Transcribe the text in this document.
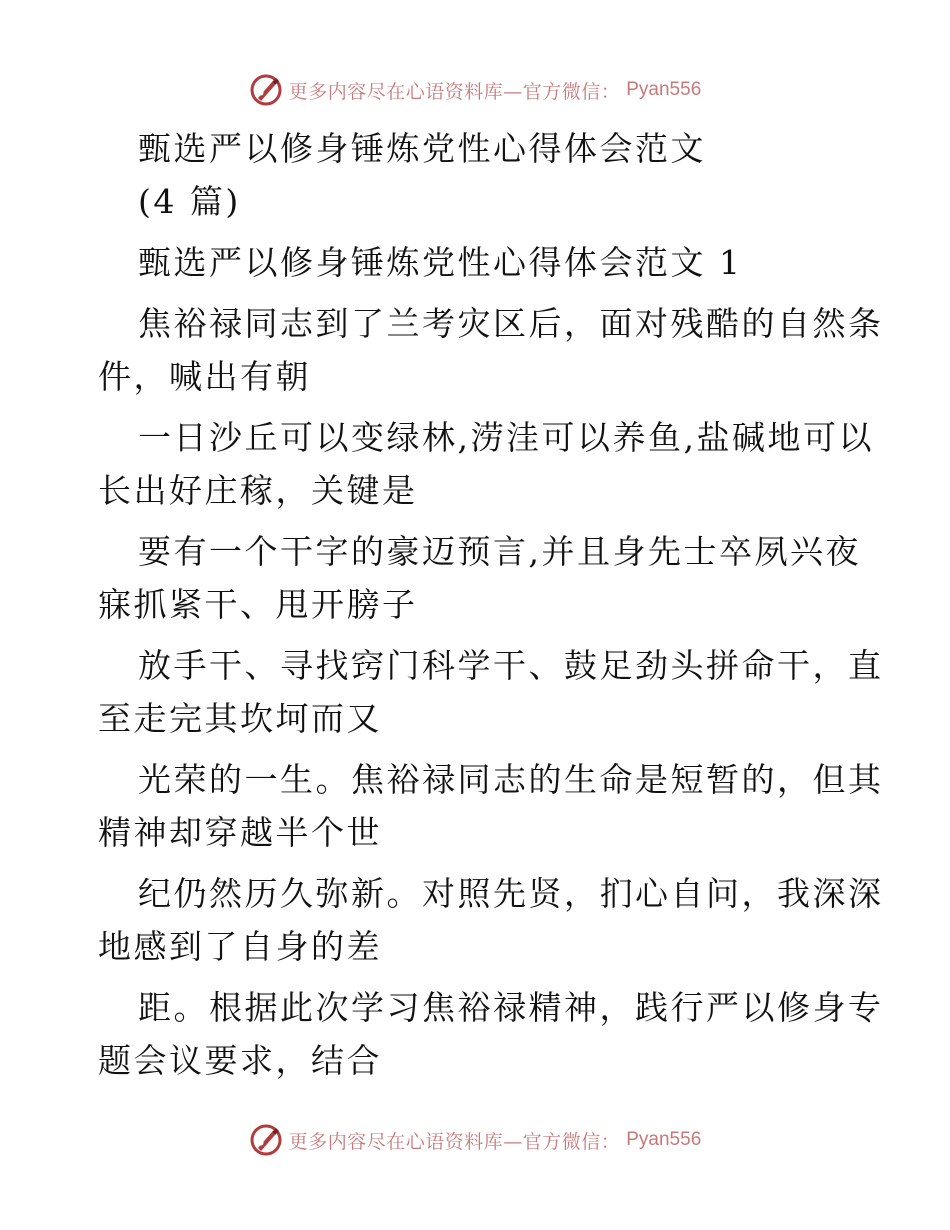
更多内容尽在心语资料库—官方微信： Pyan556
甄选严以修身锤炼党性心得体会范文
(4 篇)
甄选严以修身锤炼党性心得体会范文 1
焦裕禄同志到了兰考灾区后，面对残酷的自然条
件，喊出有朝
一日沙丘可以变绿林,涝洼可以养鱼,盐碱地可以
长出好庄稼，关键是
要有一个干字的豪迈预言,并且身先士卒夙兴夜
寐抓紧干、甩开膀子
放手干、寻找窍门科学干、鼓足劲头拼命干，直
至走完其坎坷而又
光荣的一生。焦裕禄同志的生命是短暂的，但其
精神却穿越半个世
纪仍然历久弥新。对照先贤，扪心自问，我深深
地感到了自身的差
距。根据此次学习焦裕禄精神，践行严以修身专
题会议要求，结合
更多内容尽在心语资料库—官方微信： Pyan556
